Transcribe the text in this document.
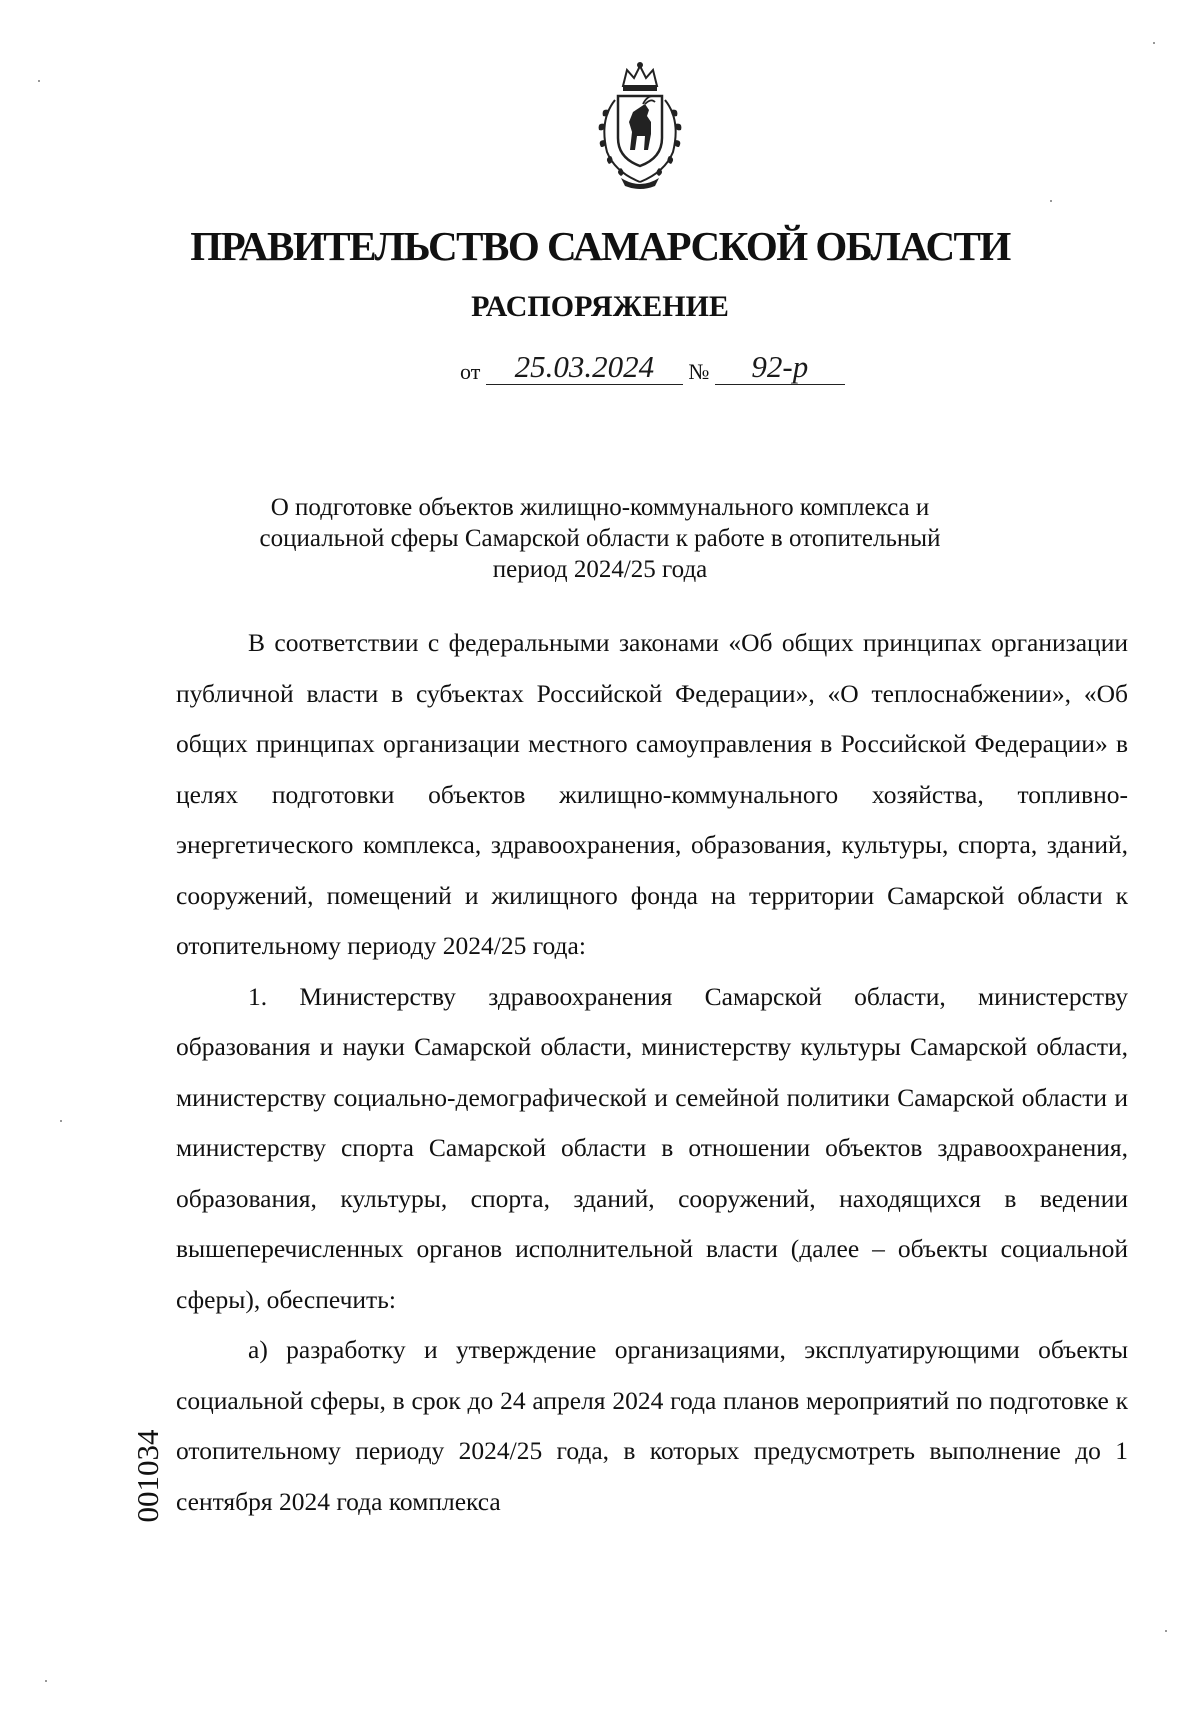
ПРАВИТЕЛЬСТВО САМАРСКОЙ ОБЛАСТИ
РАСПОРЯЖЕНИЕ
от 25.03.2024 № 92-р

О подготовке объектов жилищно-коммунального комплекса и социальной сферы Самарской области к работе в отопительный период 2024/25 года

В соответствии с федеральными законами «Об общих принципах организации публичной власти в субъектах Российской Федерации», «О теплоснабжении», «Об общих принципах организации местного самоуправления в Российской Федерации» в целях подготовки объектов жилищно-коммунального хозяйства, топливно-энергетического комплекса, здравоохранения, образования, культуры, спорта, зданий, сооружений, помещений и жилищного фонда на территории Самарской области к отопительному периоду 2024/25 года:

1. Министерству здравоохранения Самарской области, министерству образования и науки Самарской области, министерству культуры Самарской области, министерству социально-демографической и семейной политики Самарской области и министерству спорта Самарской области в отношении объектов здравоохранения, образования, культуры, спорта, зданий, сооружений, находящихся в ведении вышеперечисленных органов исполнительной власти (далее – объекты социальной сферы), обеспечить:

а) разработку и утверждение организациями, эксплуатирующими объекты социальной сферы, в срок до 24 апреля 2024 года планов мероприятий по подготовке к отопительному периоду 2024/25 года, в которых предусмотреть выполнение до 1 сентября 2024 года комплекса

001034
